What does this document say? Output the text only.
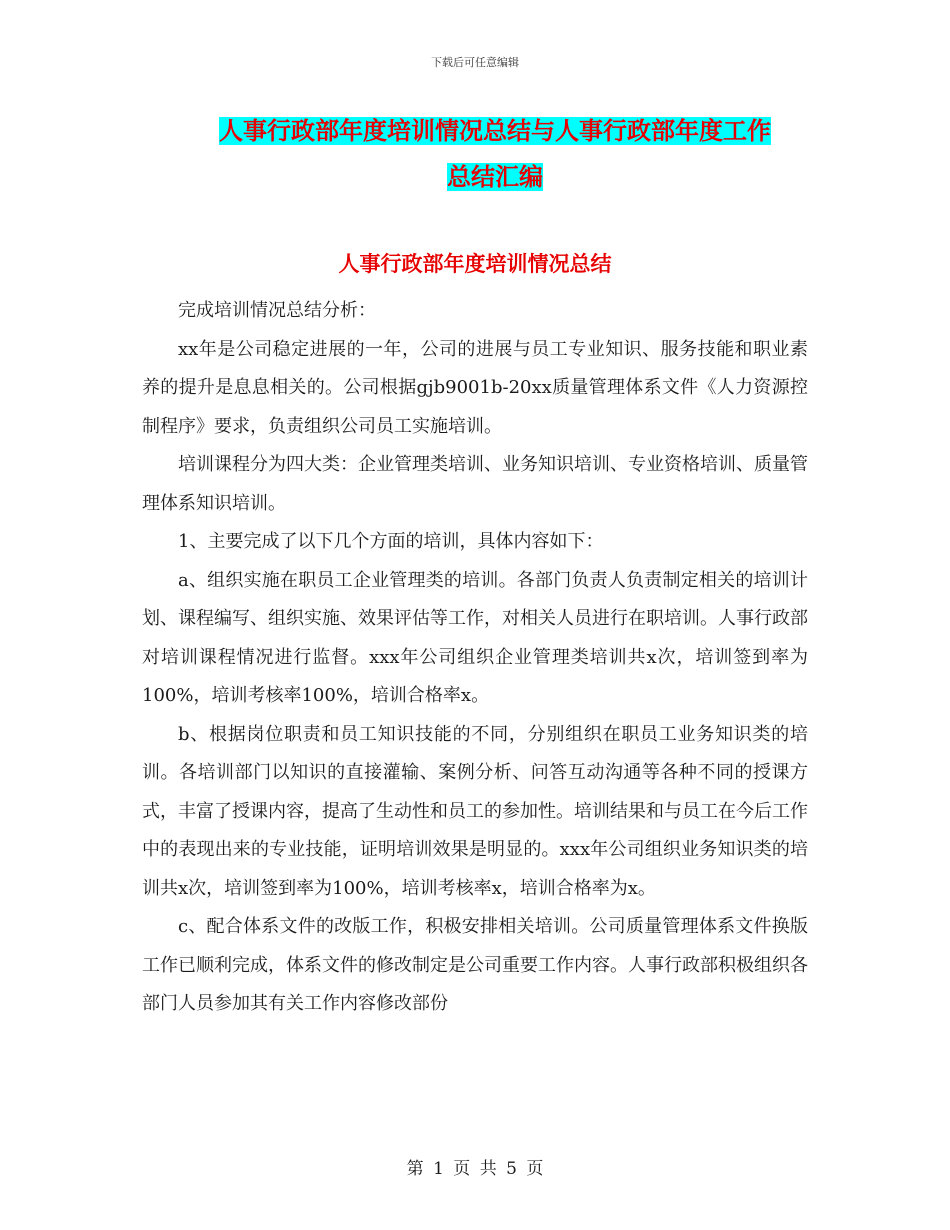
下载后可任意编辑
人事行政部年度培训情况总结与人事行政部年度工作
总结汇编
人事行政部年度培训情况总结

完成培训情况总结分析：

xx年是公司稳定进展的一年，公司的进展与员工专业知识、服务技能和职业素养的提升是息息相关的。公司根据gjb9001b-20xx质量管理体系文件《人力资源控制程序》要求，负责组织公司员工实施培训。

培训课程分为四大类：企业管理类培训、业务知识培训、专业资格培训、质量管理体系知识培训。

1、主要完成了以下几个方面的培训，具体内容如下：

a、组织实施在职员工企业管理类的培训。各部门负责人负责制定相关的培训计划、课程编写、组织实施、效果评估等工作，对相关人员进行在职培训。人事行政部对培训课程情况进行监督。xxx年公司组织企业管理类培训共x次，培训签到率为100%，培训考核率100%，培训合格率x。

b、根据岗位职责和员工知识技能的不同，分别组织在职员工业务知识类的培训。各培训部门以知识的直接灌输、案例分析、问答互动沟通等各种不同的授课方式，丰富了授课内容，提高了生动性和员工的参加性。培训结果和与员工在今后工作中的表现出来的专业技能，证明培训效果是明显的。xxx年公司组织业务知识类的培训共x次，培训签到率为100%，培训考核率x，培训合格率为x。

c、配合体系文件的改版工作，积极安排相关培训。公司质量管理体系文件换版工作已顺利完成，体系文件的修改制定是公司重要工作内容。人事行政部积极组织各部门人员参加其有关工作内容修改部份

第 1 页 共 5 页
